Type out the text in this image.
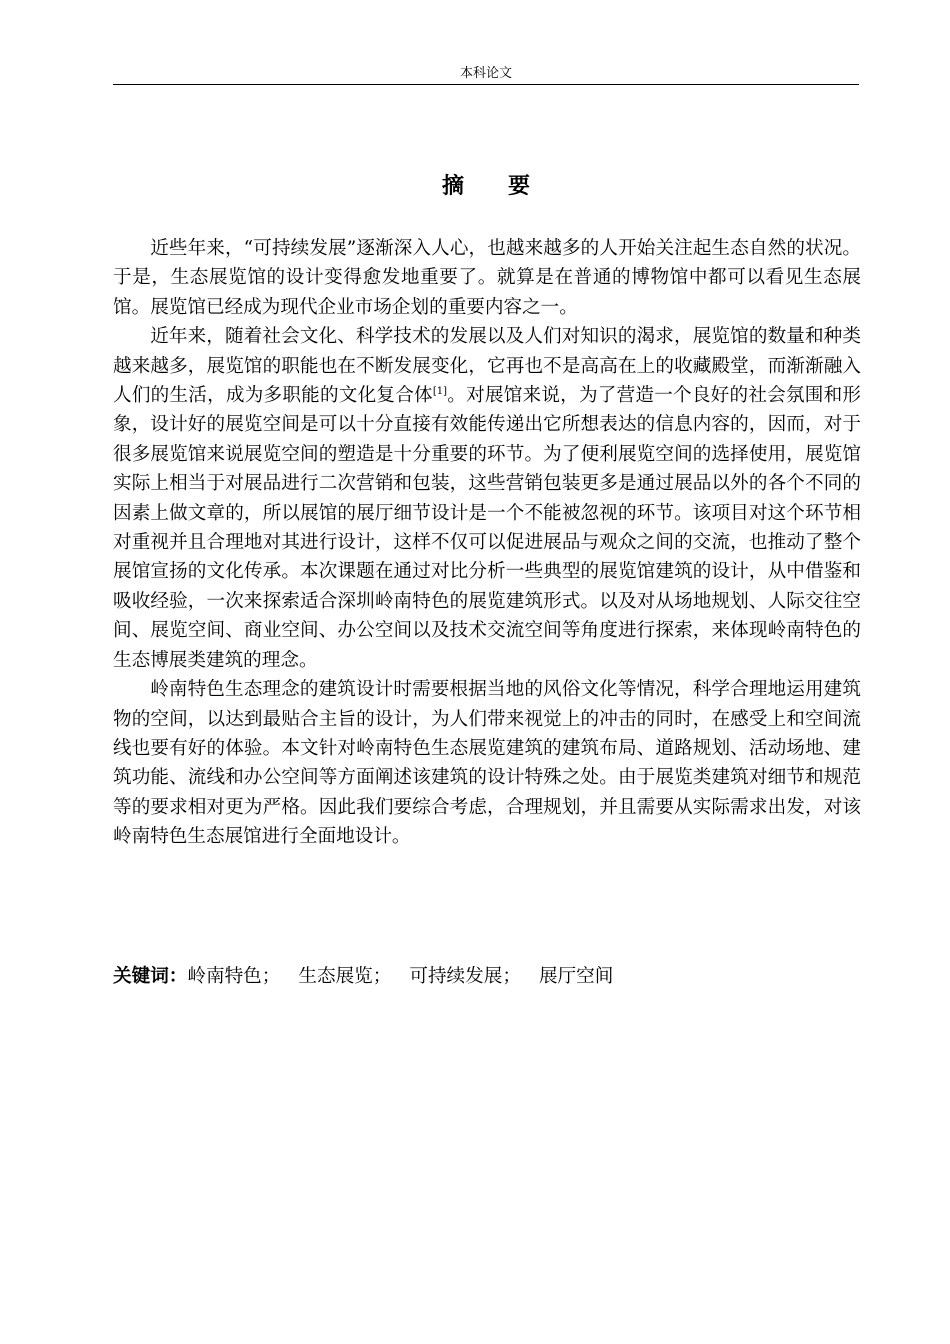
本科论文
摘 要

近些年来，“可持续发展”逐渐深入人心，也越来越多的人开始关注起生态自然的状况。于是，生态展览馆的设计变得愈发地重要了。就算是在普通的博物馆中都可以看见生态展馆。展览馆已经成为现代企业市场企划的重要内容之一。

近年来，随着社会文化、科学技术的发展以及人们对知识的渴求，展览馆的数量和种类越来越多，展览馆的职能也在不断发展变化，它再也不是高高在上的收藏殿堂，而渐渐融入人们的生活，成为多职能的文化复合体[1]。对展馆来说，为了营造一个良好的社会氛围和形象，设计好的展览空间是可以十分直接有效能传递出它所想表达的信息内容的，因而，对于很多展览馆来说展览空间的塑造是十分重要的环节。为了便利展览空间的选择使用，展览馆实际上相当于对展品进行二次营销和包装，这些营销包装更多是通过展品以外的各个不同的因素上做文章的，所以展馆的展厅细节设计是一个不能被忽视的环节。该项目对这个环节相对重视并且合理地对其进行设计，这样不仅可以促进展品与观众之间的交流，也推动了整个展馆宣扬的文化传承。本次课题在通过对比分析一些典型的展览馆建筑的设计，从中借鉴和吸收经验，一次来探索适合深圳岭南特色的展览建筑形式。以及对从场地规划、人际交往空间、展览空间、商业空间、办公空间以及技术交流空间等角度进行探索，来体现岭南特色的生态博展类建筑的理念。

岭南特色生态理念的建筑设计时需要根据当地的风俗文化等情况，科学合理地运用建筑物的空间，以达到最贴合主旨的设计，为人们带来视觉上的冲击的同时，在感受上和空间流线也要有好的体验。本文针对岭南特色生态展览建筑的建筑布局、道路规划、活动场地、建筑功能、流线和办公空间等方面阐述该建筑的设计特殊之处。由于展览类建筑对细节和规范等的要求相对更为严格。因此我们要综合考虑，合理规划，并且需要从实际需求出发，对该岭南特色生态展馆进行全面地设计。

关键词：岭南特色； 生态展览； 可持续发展； 展厅空间
